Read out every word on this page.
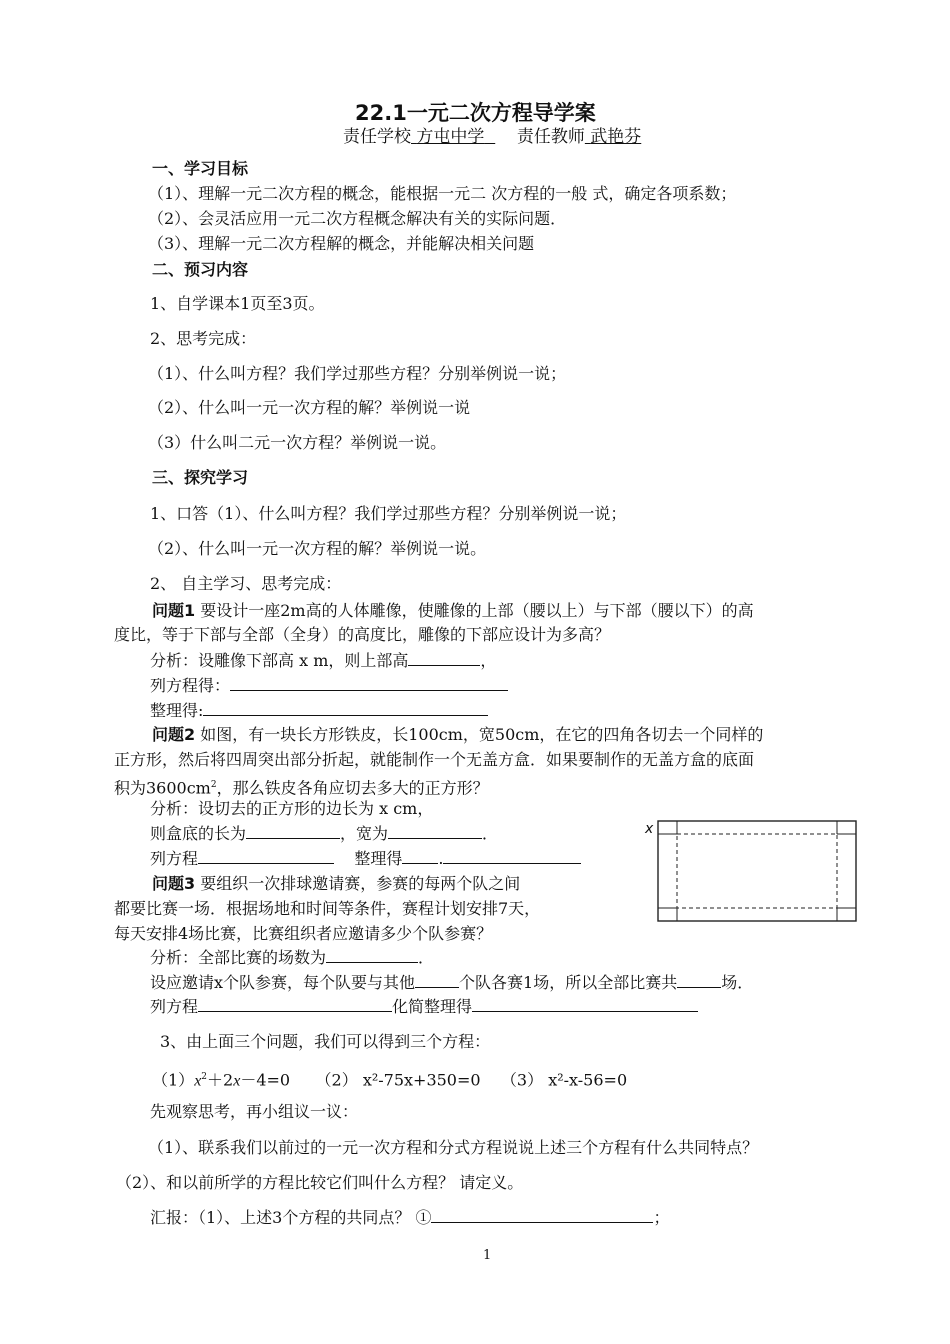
22.1一元二次方程导学案
责任学校 方屯中学 责任教师 武艳芬
一、学习目标
（1）、理解一元二次方程的概念，能根据一元二 次方程的一般 式，确定各项系数；
（2）、会灵活应用一元二次方程概念解决有关的实际问题．
（3）、理解一元二次方程解的概念，并能解决相关问题
二、预习内容
1、自学课本1页至3页。
2、思考完成：
（1）、什么叫方程？我们学过那些方程？分别举例说一说；
（2）、什么叫一元一次方程的解？举例说一说
（3）什么叫二元一次方程？举例说一说。
三、探究学习
1、口答（1）、什么叫方程？我们学过那些方程？分别举例说一说；
（2）、什么叫一元一次方程的解？举例说一说。
2、 自主学习、思考完成：
问题1 要设计一座2m高的人体雕像，使雕像的上部（腰以上）与下部（腰以下）的高
度比，等于下部与全部（全身）的高度比，雕像的下部应设计为多高？
分析：设雕像下部高 x m，则上部高	，
列方程得：
整理得:
问题2 如图，有一块长方形铁皮，长100cm，宽50cm，在它的四角各切去一个同样的
正方形，然后将四周突出部分折起，就能制作一个无盖方盒．如果要制作的无盖方盒的底面
积为$3600cm^2$，那么铁皮各角应切去多大的正方形？
分析：设切去的正方形的边长为 x cm，
则盒底的长为	，宽为	．
列方程	整理得 .
x
问题3 要组织一次排球邀请赛，参赛的每两个队之间
都要比赛一场．根据场地和时间等条件，赛程计划安排7天，
每天安排4场比赛，比赛组织者应邀请多少个队参赛？
分析：全部比赛的场数为	．
设应邀请x个队参赛，每个队要与其他	个队各赛1场，所以全部比赛共	场．
列方程	化简整理得
3、由上面三个问题，我们可以得到三个方程：
$(1)x^2+2x-4=0$ （2） x²-75x+350=0 （3） x²-x-56=0
先观察思考，再小组议一议：
（1）、联系我们以前过的一元一次方程和分式方程说说上述三个方程有什么共同特点？
（2）、和以前所学的方程比较它们叫什么方程？ 请定义。
汇报：（1）、上述3个方程的共同点？ ①	；
1
